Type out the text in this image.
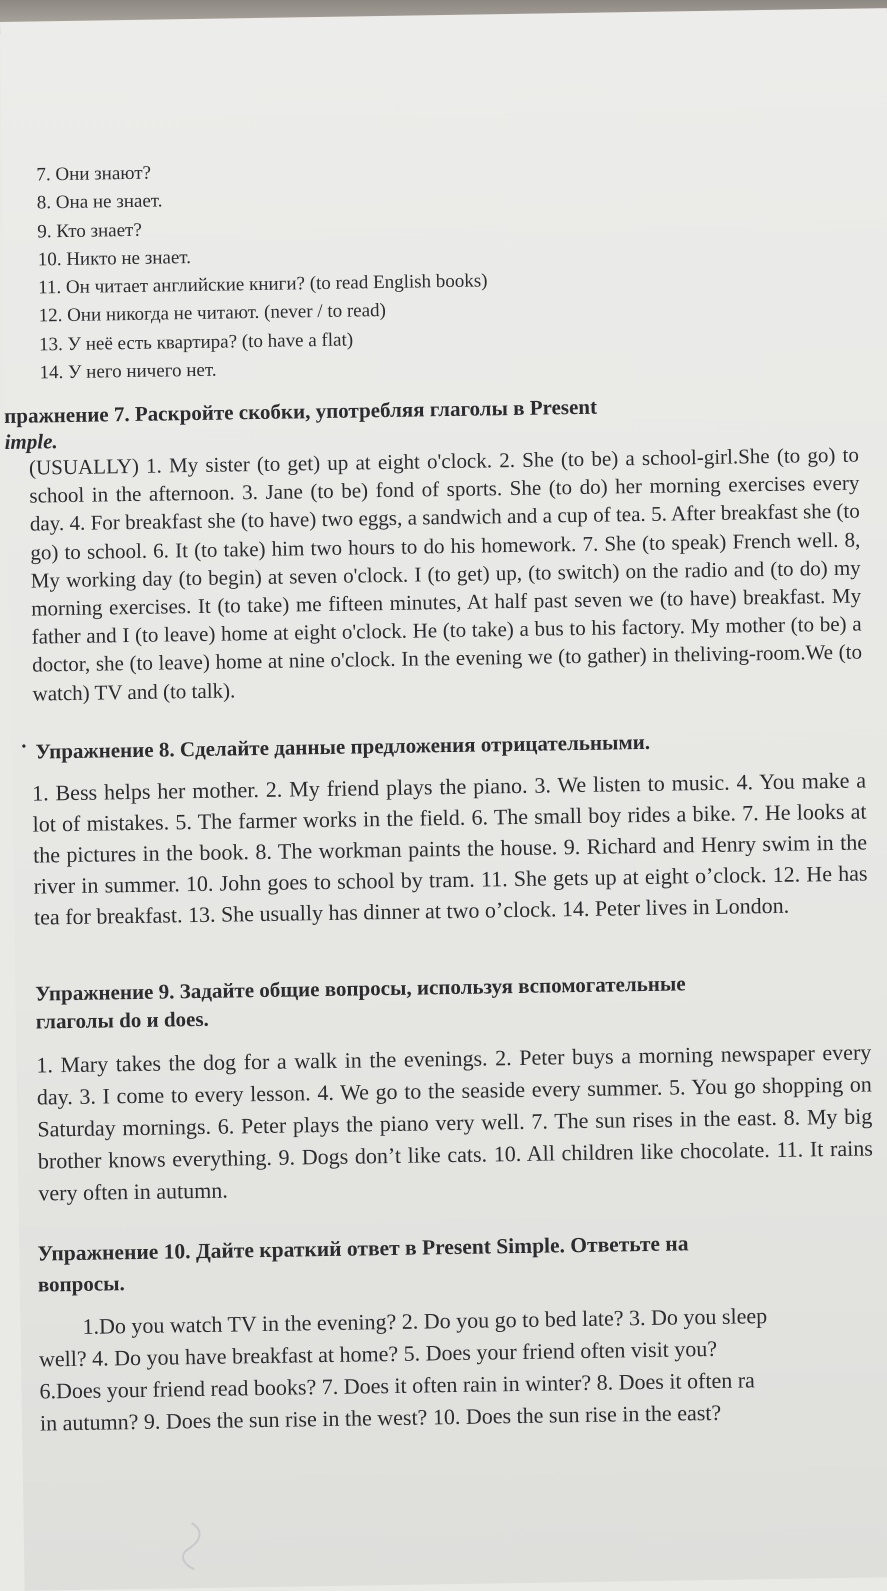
7. Они знают?
8. Она не знает.
9. Кто знает?
10. Никто не знает.
11. Он читает английские книги? (to read English books)
12. Они никогда не читают. (never / to read)
13. У неё есть квартира? (to have a flat)
14. У него ничего нет.
пражнение 7. Раскройте скобки, употребляя глаголы в Present
imple.
(USUALLY) 1. My sister (to get) up at eight o'clock. 2. She (to be) a school-girl.She (to go) to school in the afternoon. 3. Jane (to be) fond of sports. She (to do) her morning exercises every day. 4. For breakfast she (to have) two eggs, a sandwich and a cup of tea. 5. After breakfast she (to go) to school. 6. It (to take) him two hours to do his homework. 7. She (to speak) French well. 8, My working day (to begin) at seven o'clock. I (to get) up, (to switch) on the radio and (to do) my morning exercises. It (to take) me fifteen minutes, At half past seven we (to have) breakfast. My father and I (to leave) home at eight o'clock. He (to take) a bus to his factory. My mother (to be) a doctor, she (to leave) home at nine o'clock. In the evening we (to gather) in theliving-room.We (to watch) TV and (to talk).
• Упражнение 8. Сделайте данные предложения отрицательными.
1. Bess helps her mother. 2. My friend plays the piano. 3. We listen to music. 4. You make a lot of mistakes. 5. The farmer works in the field. 6. The small boy rides a bike. 7. He looks at the pictures in the book. 8. The workman paints the house. 9. Richard and Henry swim in the river in summer. 10. John goes to school by tram. 11. She gets up at eight o’clock. 12. He has tea for breakfast. 13. She usually has dinner at two o’clock. 14. Peter lives in London.
Упражнение 9. Задайте общие вопросы, используя вспомогательные
глаголы do и does.
1. Mary takes the dog for a walk in the evenings. 2. Peter buys a morning newspaper every day. 3. I come to every lesson. 4. We go to the seaside every summer. 5. You go shopping on Saturday mornings. 6. Peter plays the piano very well. 7. The sun rises in the east. 8. My big brother knows everything. 9. Dogs don’t like cats. 10. All children like chocolate. 11. It rains very often in autumn.
Упражнение 10. Дайте краткий ответ в Present Simple. Ответьте на
вопросы.
1.Do you watch TV in the evening? 2. Do you go to bed late? 3. Do you sleep
well? 4. Do you have breakfast at home? 5. Does your friend often visit you?
6.Does your friend read books? 7. Does it often rain in winter? 8. Does it often ra
in autumn? 9. Does the sun rise in the west? 10. Does the sun rise in the east?
